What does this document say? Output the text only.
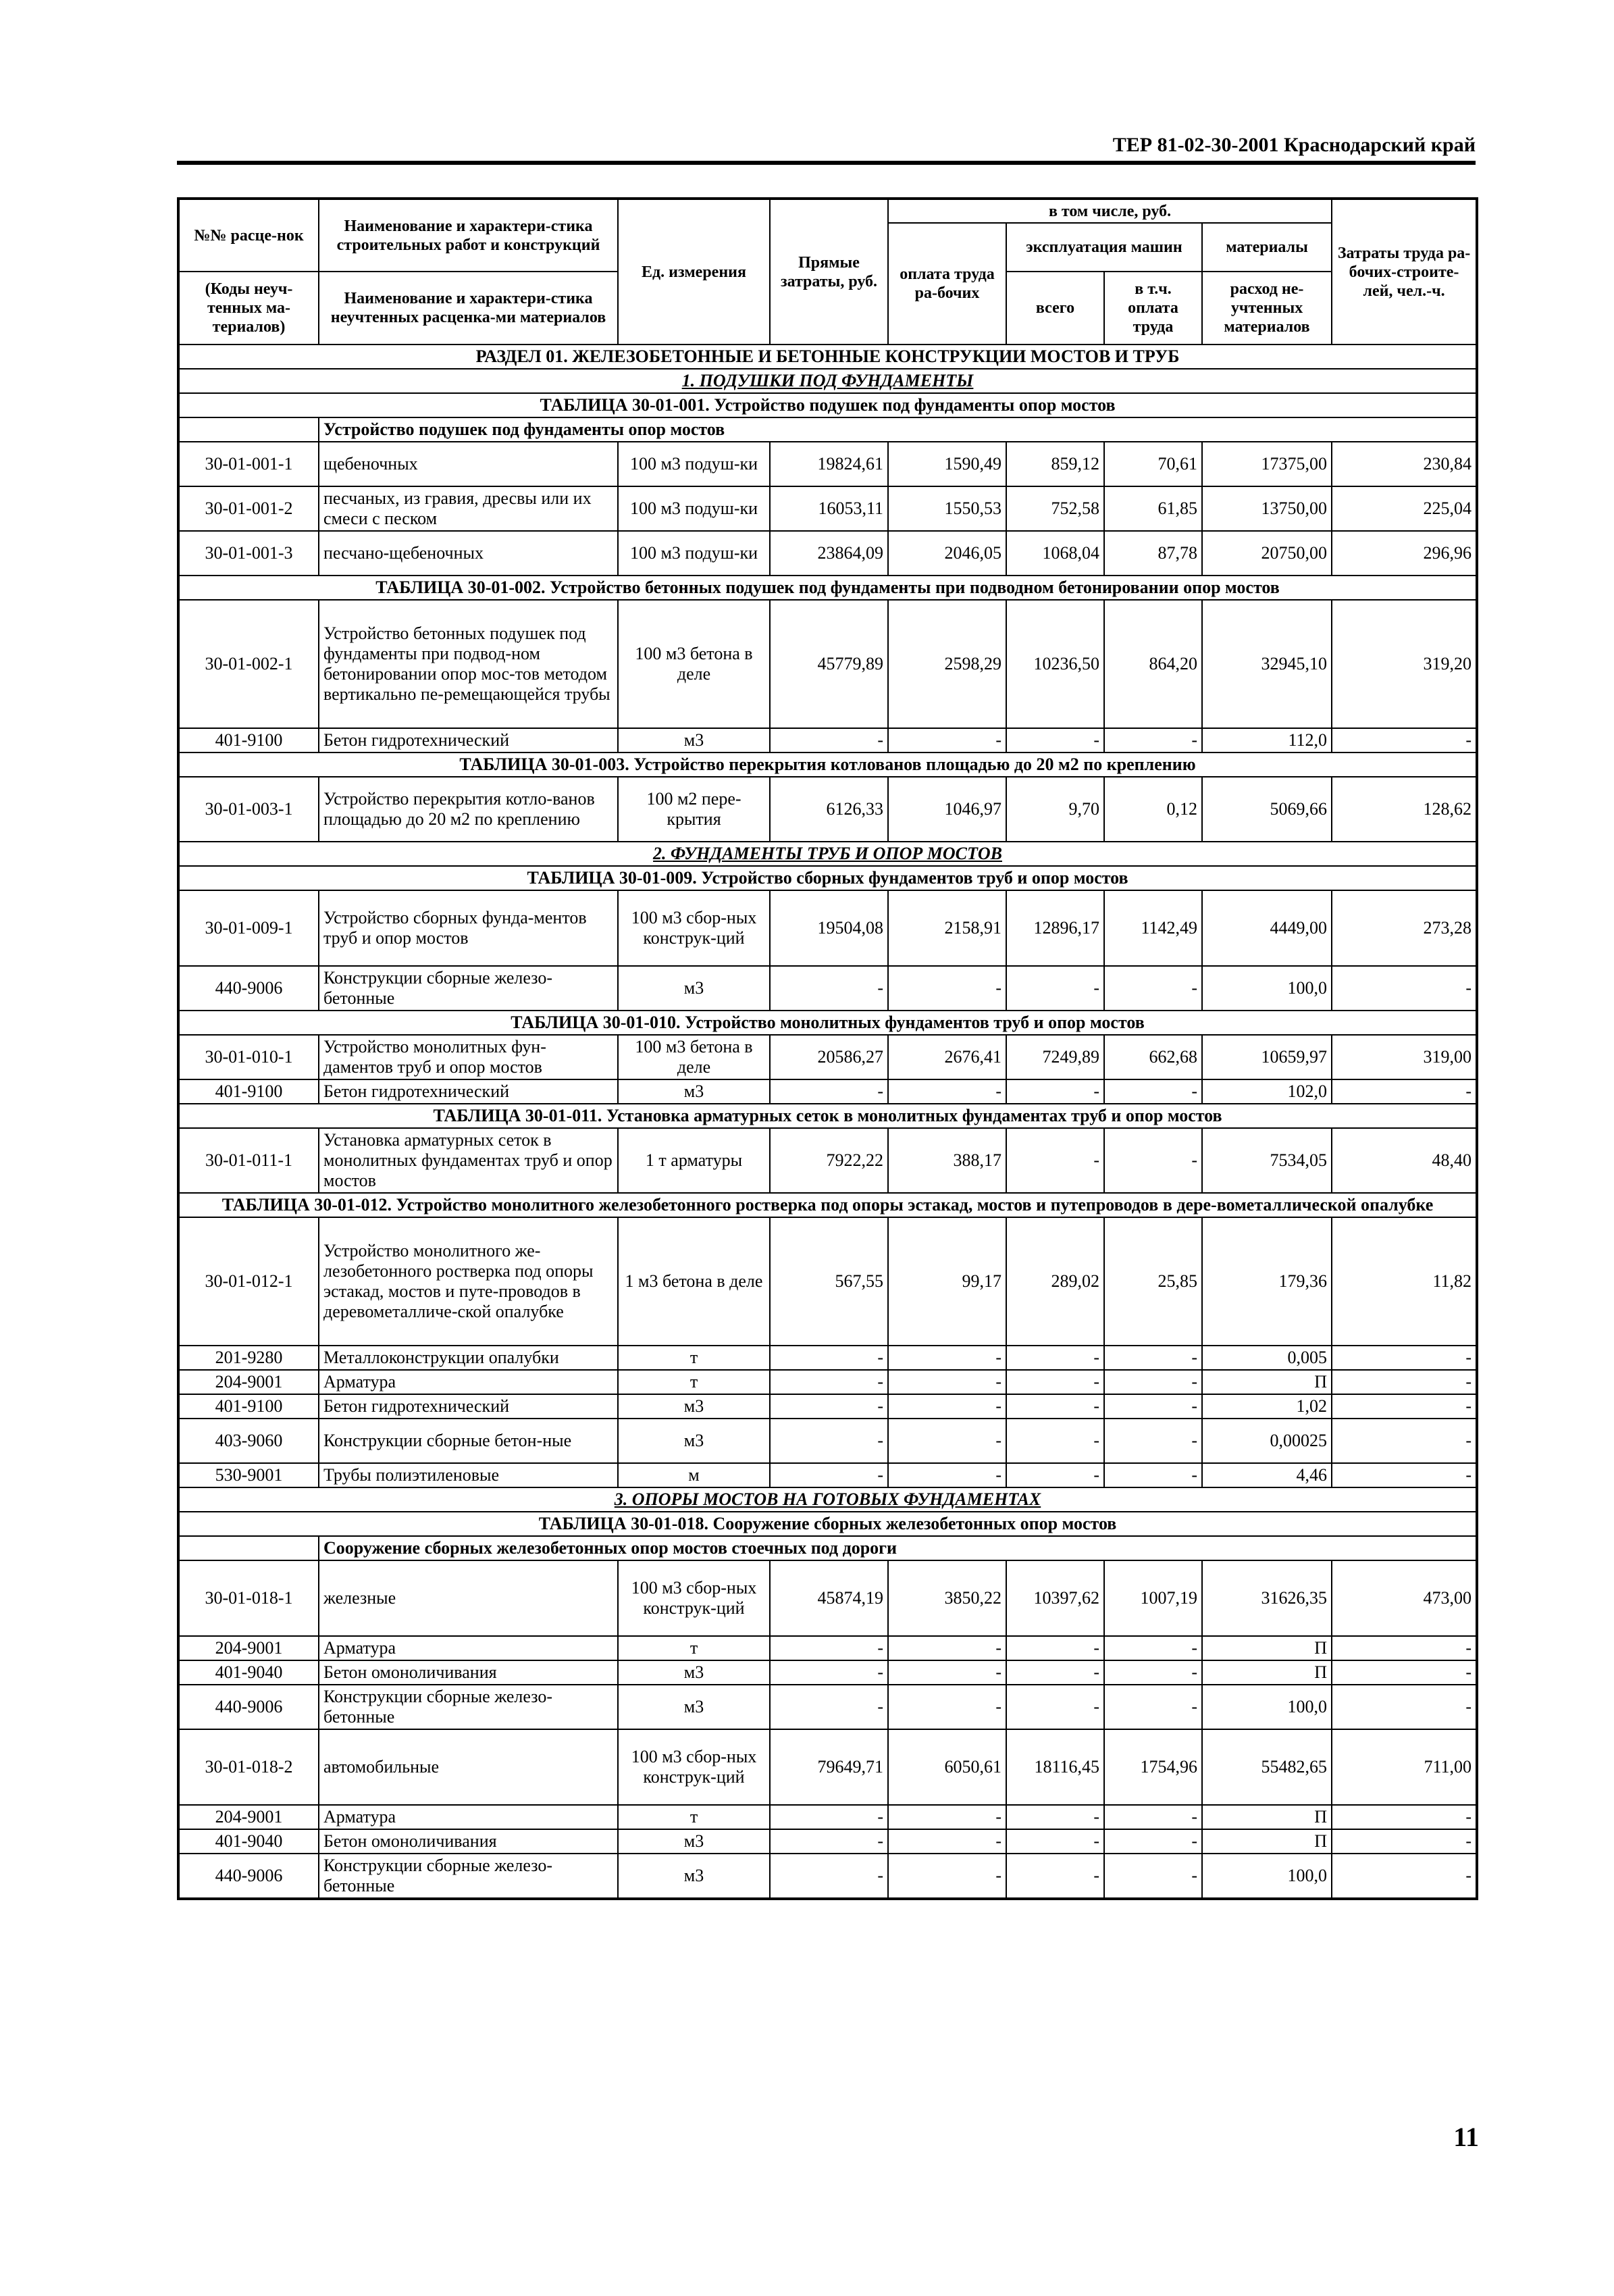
ТЕР 81-02-30-2001 Краснодарский край
№№ расце-нок	Наименование и характери-стика строительных работ и конструкций	Ед. измерения	Прямые затраты, руб.	в том числе, руб.				Затраты труда ра-бочих-строите-лей, чел.-ч.
				оплата труда ра-бочих	эксплуатация машин		материалы	

(Коды неуч-тенных ма-териалов)	Наименование и характери-стика неучтенных расценка-ми материалов				всего	в т.ч. оплата труда	расход не-учтенных материалов	

РАЗДЕЛ 01. ЖЕЛЕЗОБЕТОННЫЕ И БЕТОННЫЕ КОНСТРУКЦИИ МОСТОВ И ТРУБ								
1. ПОДУШКИ ПОД ФУНДАМЕНТЫ								
ТАБЛИЦА 30-01-001. Устройство подушек под фундаменты опор мостов								
	Устройство подушек под фундаменты опор мостов							
30-01-001-1	щебеночных	100 м3 подуш-ки	19824,61	1590,49	859,12	70,61	17375,00	230,84
30-01-001-2	песчаных, из гравия, дресвы или их смеси с песком	100 м3 подуш-ки	16053,11	1550,53	752,58	61,85	13750,00	225,04
30-01-001-3	песчано-щебеночных	100 м3 подуш-ки	23864,09	2046,05	1068,04	87,78	20750,00	296,96
ТАБЛИЦА 30-01-002. Устройство бетонных подушек под фундаменты при подводном бетонировании опор мостов								
30-01-002-1	Устройство бетонных подушек под фундаменты при подвод-ном бетонировании опор мос-тов методом вертикально пе-ремещающейся трубы	100 м3 бетона в деле	45779,89	2598,29	10236,50	864,20	32945,10	319,20
401-9100	Бетон гидротехнический	м3	-	-	-	-	112,0	-
ТАБЛИЦА 30-01-003. Устройство перекрытия котлованов площадью до 20 м2 по креплению								
30-01-003-1	Устройство перекрытия котло-ванов площадью до 20 м2 по креплению	100 м2 пере-крытия	6126,33	1046,97	9,70	0,12	5069,66	128,62
2. ФУНДАМЕНТЫ ТРУБ И ОПОР МОСТОВ								
ТАБЛИЦА 30-01-009. Устройство сборных фундаментов труб и опор мостов								
30-01-009-1	Устройство сборных фунда-ментов труб и опор мостов	100 м3 сбор-ных конструк-ций	19504,08	2158,91	12896,17	1142,49	4449,00	273,28
440-9006	Конструкции сборные железо-бетонные	м3	-	-	-	-	100,0	-
ТАБЛИЦА 30-01-010. Устройство монолитных фундаментов труб и опор мостов								
30-01-010-1	Устройство монолитных фун-даментов труб и опор мостов	100 м3 бетона в деле	20586,27	2676,41	7249,89	662,68	10659,97	319,00
401-9100	Бетон гидротехнический	м3	-	-	-	-	102,0	-
ТАБЛИЦА 30-01-011. Установка арматурных сеток в монолитных фундаментах труб и опор мостов								
30-01-011-1	Установка арматурных сеток в монолитных фундаментах труб и опор мостов	1 т арматуры	7922,22	388,17	-	-	7534,05	48,40
ТАБЛИЦА 30-01-012. Устройство монолитного железобетонного ростверка под опоры эстакад, мостов и путепроводов в дере-вометаллической опалубке								
30-01-012-1	Устройство монолитного же-лезобетонного ростверка под опоры эстакад, мостов и путе-проводов в деревометалличе-ской опалубке	1 м3 бетона в деле	567,55	99,17	289,02	25,85	179,36	11,82
201-9280	Металлоконструкции опалубки	т	-	-	-	-	0,005	-
204-9001	Арматура	т	-	-	-	-	П	-
401-9100	Бетон гидротехнический	м3	-	-	-	-	1,02	-
403-9060	Конструкции сборные бетон-ные	м3	-	-	-	-	0,00025	-
530-9001	Трубы полиэтиленовые	м	-	-	-	-	4,46	-
3. ОПОРЫ МОСТОВ НА ГОТОВЫХ ФУНДАМЕНТАХ								
ТАБЛИЦА 30-01-018. Сооружение сборных железобетонных опор мостов								
	Сооружение сборных железобетонных опор мостов стоечных под дороги							
30-01-018-1	железные	100 м3 сбор-ных конструк-ций	45874,19	3850,22	10397,62	1007,19	31626,35	473,00
204-9001	Арматура	т	-	-	-	-	П	-
401-9040	Бетон омоноличивания	м3	-	-	-	-	П	-
440-9006	Конструкции сборные железо-бетонные	м3	-	-	-	-	100,0	-
30-01-018-2	автомобильные	100 м3 сбор-ных конструк-ций	79649,71	6050,61	18116,45	1754,96	55482,65	711,00
204-9001	Арматура	т	-	-	-	-	П	-
401-9040	Бетон омоноличивания	м3	-	-	-	-	П	-
440-9006	Конструкции сборные железо-бетонные	м3	-	-	-	-	100,0	-
11
